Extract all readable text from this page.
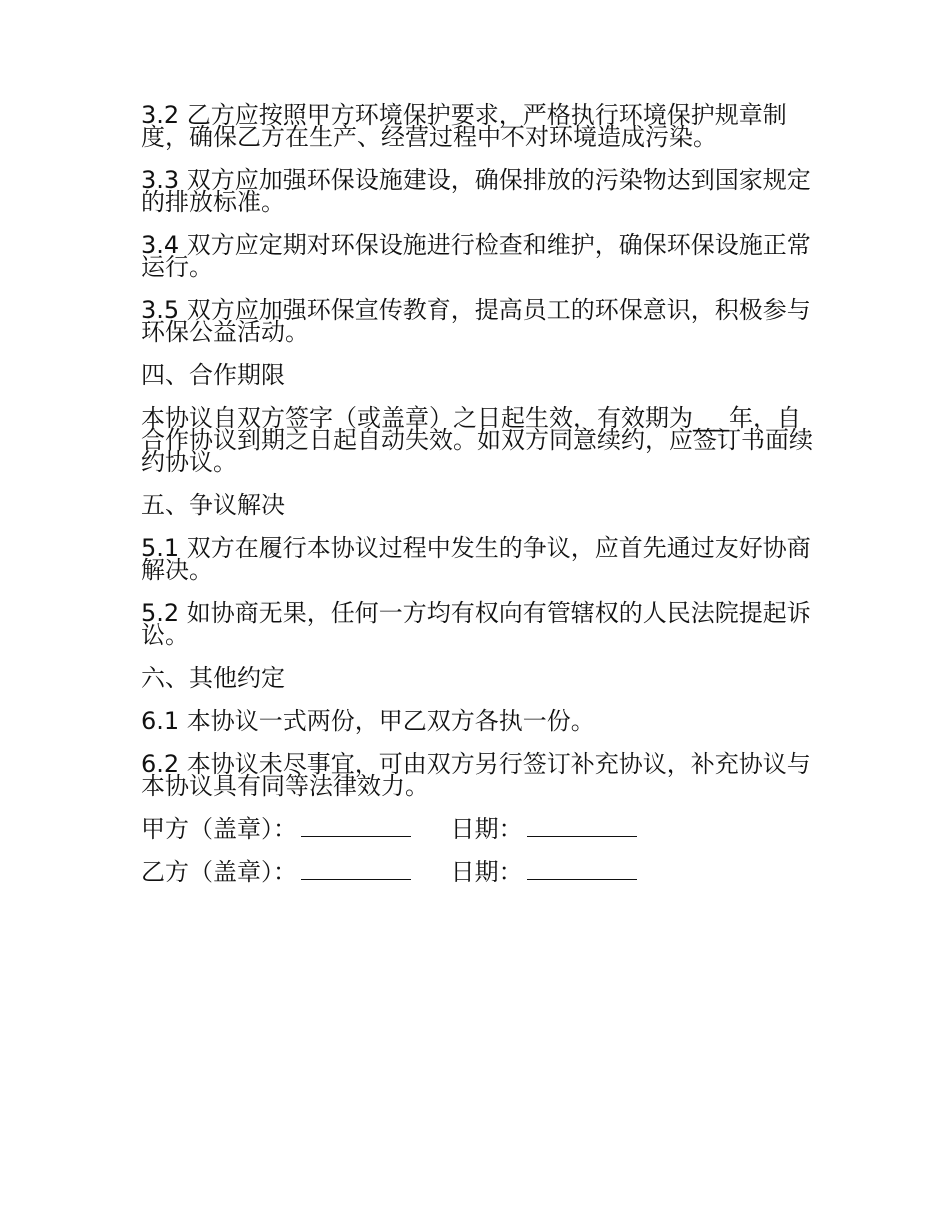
3.2 乙方应按照甲方环境保护要求，严格执行环境保护规章制度，确保乙方在生产、经营过程中不对环境造成污染。

3.3 双方应加强环保设施建设，确保排放的污染物达到国家规定的排放标准。

3.4 双方应定期对环保设施进行检查和维护，确保环保设施正常运行。

3.5 双方应加强环保宣传教育，提高员工的环保意识，积极参与环保公益活动。

四、合作期限

本协议自双方签字（或盖章）之日起生效，有效期为___年，自合作协议到期之日起自动失效。如双方同意续约，应签订书面续约协议。

五、争议解决

5.1 双方在履行本协议过程中发生的争议，应首先通过友好协商解决。

5.2 如协商无果，任何一方均有权向有管辖权的人民法院提起诉讼。

六、其他约定

6.1 本协议一式两份，甲乙双方各执一份。

6.2 本协议未尽事宜，可由双方另行签订补充协议，补充协议与本协议具有同等法律效力。

甲方（盖章）：	日期：
乙方（盖章）：	日期：
